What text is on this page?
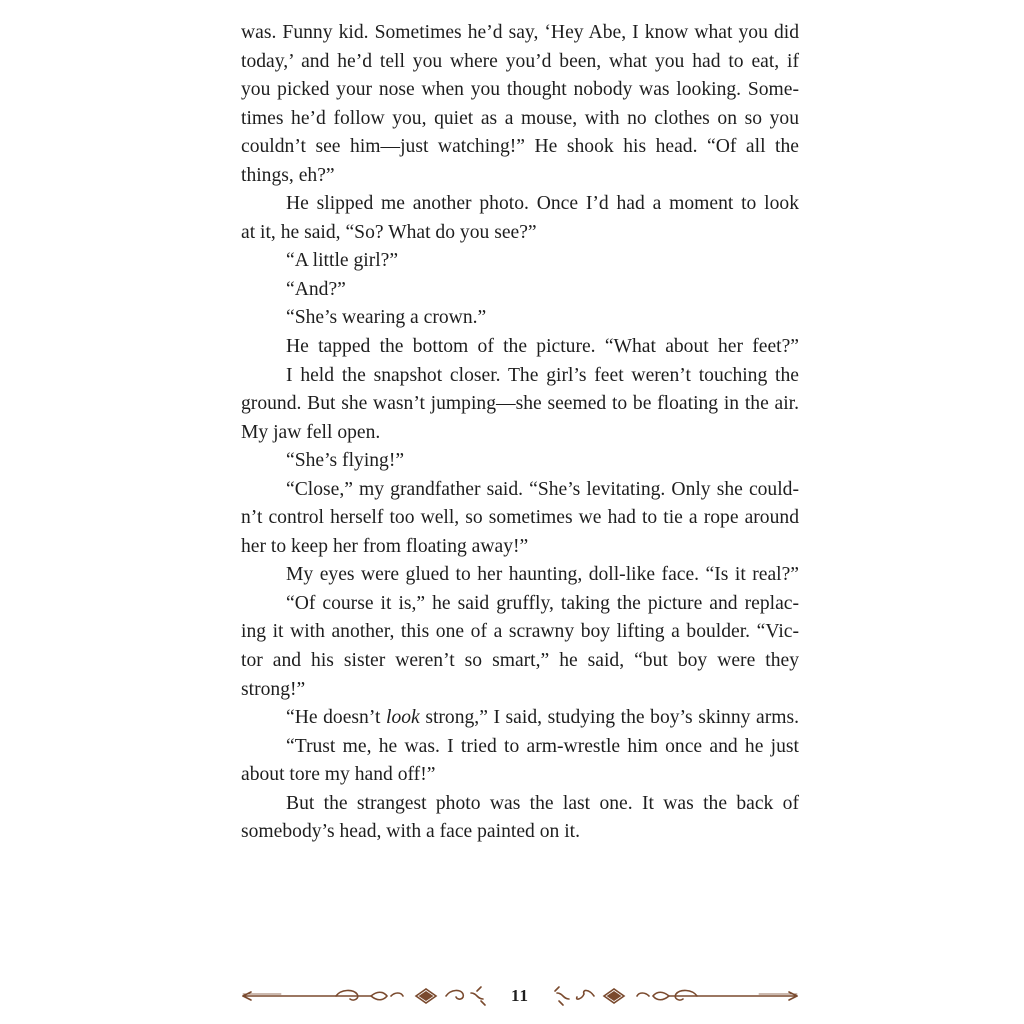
was. Funny kid. Sometimes he’d say, ‘Hey Abe, I know what you did
today,’ and he’d tell you where you’d been, what you had to eat, if
you picked your nose when you thought nobody was looking. Some-
times he’d follow you, quiet as a mouse, with no clothes on so you
couldn’t see him—just watching!” He shook his head. “Of all the
things, eh?”
He slipped me another photo. Once I’d had a moment to look
at it, he said, “So? What do you see?”
“A little girl?”
“And?”
“She’s wearing a crown.”
He tapped the bottom of the picture. “What about her feet?”
I held the snapshot closer. The girl’s feet weren’t touching the
ground. But she wasn’t jumping—she seemed to be floating in the air.
My jaw fell open.
“She’s flying!”
“Close,” my grandfather said. “She’s levitating. Only she could-
n’t control herself too well, so sometimes we had to tie a rope around
her to keep her from floating away!”
My eyes were glued to her haunting, doll-like face. “Is it real?”
“Of course it is,” he said gruffly, taking the picture and replac-
ing it with another, this one of a scrawny boy lifting a boulder. “Vic-
tor and his sister weren’t so smart,” he said, “but boy were they
strong!”
“He doesn’t look strong,” I said, studying the boy’s skinny arms.
“Trust me, he was. I tried to arm-wrestle him once and he just
about tore my hand off!”
But the strangest photo was the last one. It was the back of
somebody’s head, with a face painted on it.
11
